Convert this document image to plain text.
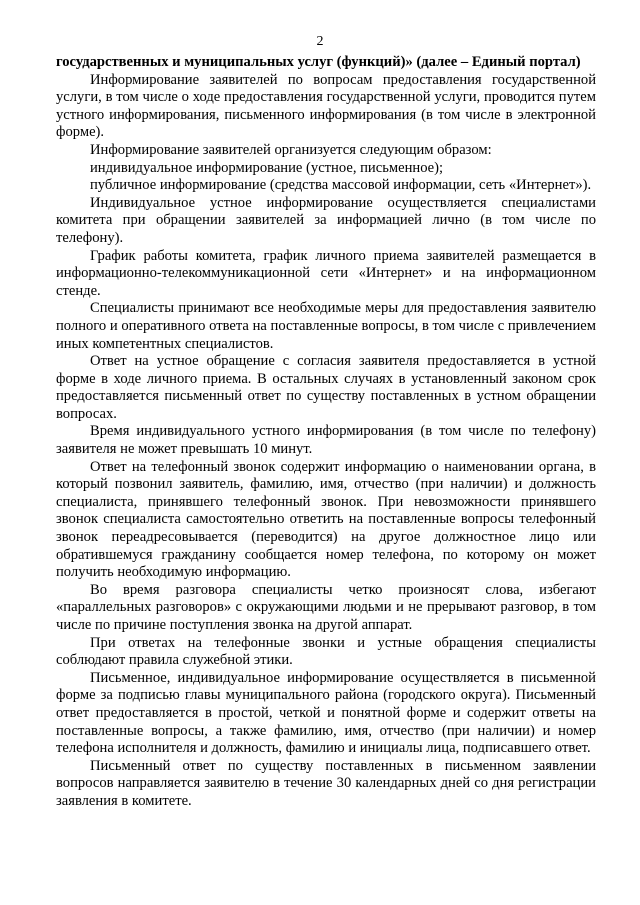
2

государственных и муниципальных услуг (функций)» (далее – Единый портал)

Информирование заявителей по вопросам предоставления государственной услуги, в том числе о ходе предоставления государственной услуги, проводится путем устного информирования, письменного информирования (в том числе в электронной форме).

Информирование заявителей организуется следующим образом:

индивидуальное информирование (устное, письменное);

публичное информирование (средства массовой информации, сеть «Интернет»).

Индивидуальное устное информирование осуществляется специалистами комитета при обращении заявителей за информацией лично (в том числе по телефону).

График работы комитета, график личного приема заявителей размещается в информационно-телекоммуникационной сети «Интернет» и на информационном стенде.

Специалисты принимают все необходимые меры для предоставления заявителю полного и оперативного ответа на поставленные вопросы, в том числе с привлечением иных компетентных специалистов.

Ответ на устное обращение с согласия заявителя предоставляется в устной форме в ходе личного приема. В остальных случаях в установленный законом срок предоставляется письменный ответ по существу поставленных в устном обращении вопросах.

Время индивидуального устного информирования (в том числе по телефону) заявителя не может превышать 10 минут.

Ответ на телефонный звонок содержит информацию о наименовании органа, в который позвонил заявитель, фамилию, имя, отчество (при наличии) и должность специалиста, принявшего телефонный звонок. При невозможности принявшего звонок специалиста самостоятельно ответить на поставленные вопросы телефонный звонок переадресовывается (переводится) на другое должностное лицо или обратившемуся гражданину сообщается номер телефона, по которому он может получить необходимую информацию.

Во время разговора специалисты четко произносят слова, избегают «параллельных разговоров» с окружающими людьми и не прерывают разговор, в том числе по причине поступления звонка на другой аппарат.

При ответах на телефонные звонки и устные обращения специалисты соблюдают правила служебной этики.

Письменное, индивидуальное информирование осуществляется в письменной форме за подписью главы муниципального района (городского округа). Письменный ответ предоставляется в простой, четкой и понятной форме и содержит ответы на поставленные вопросы, а также фамилию, имя, отчество (при наличии) и номер телефона исполнителя и должность, фамилию и инициалы лица, подписавшего ответ.

Письменный ответ по существу поставленных в письменном заявлении вопросов направляется заявителю в течение 30 календарных дней со дня регистрации заявления в комитете.
